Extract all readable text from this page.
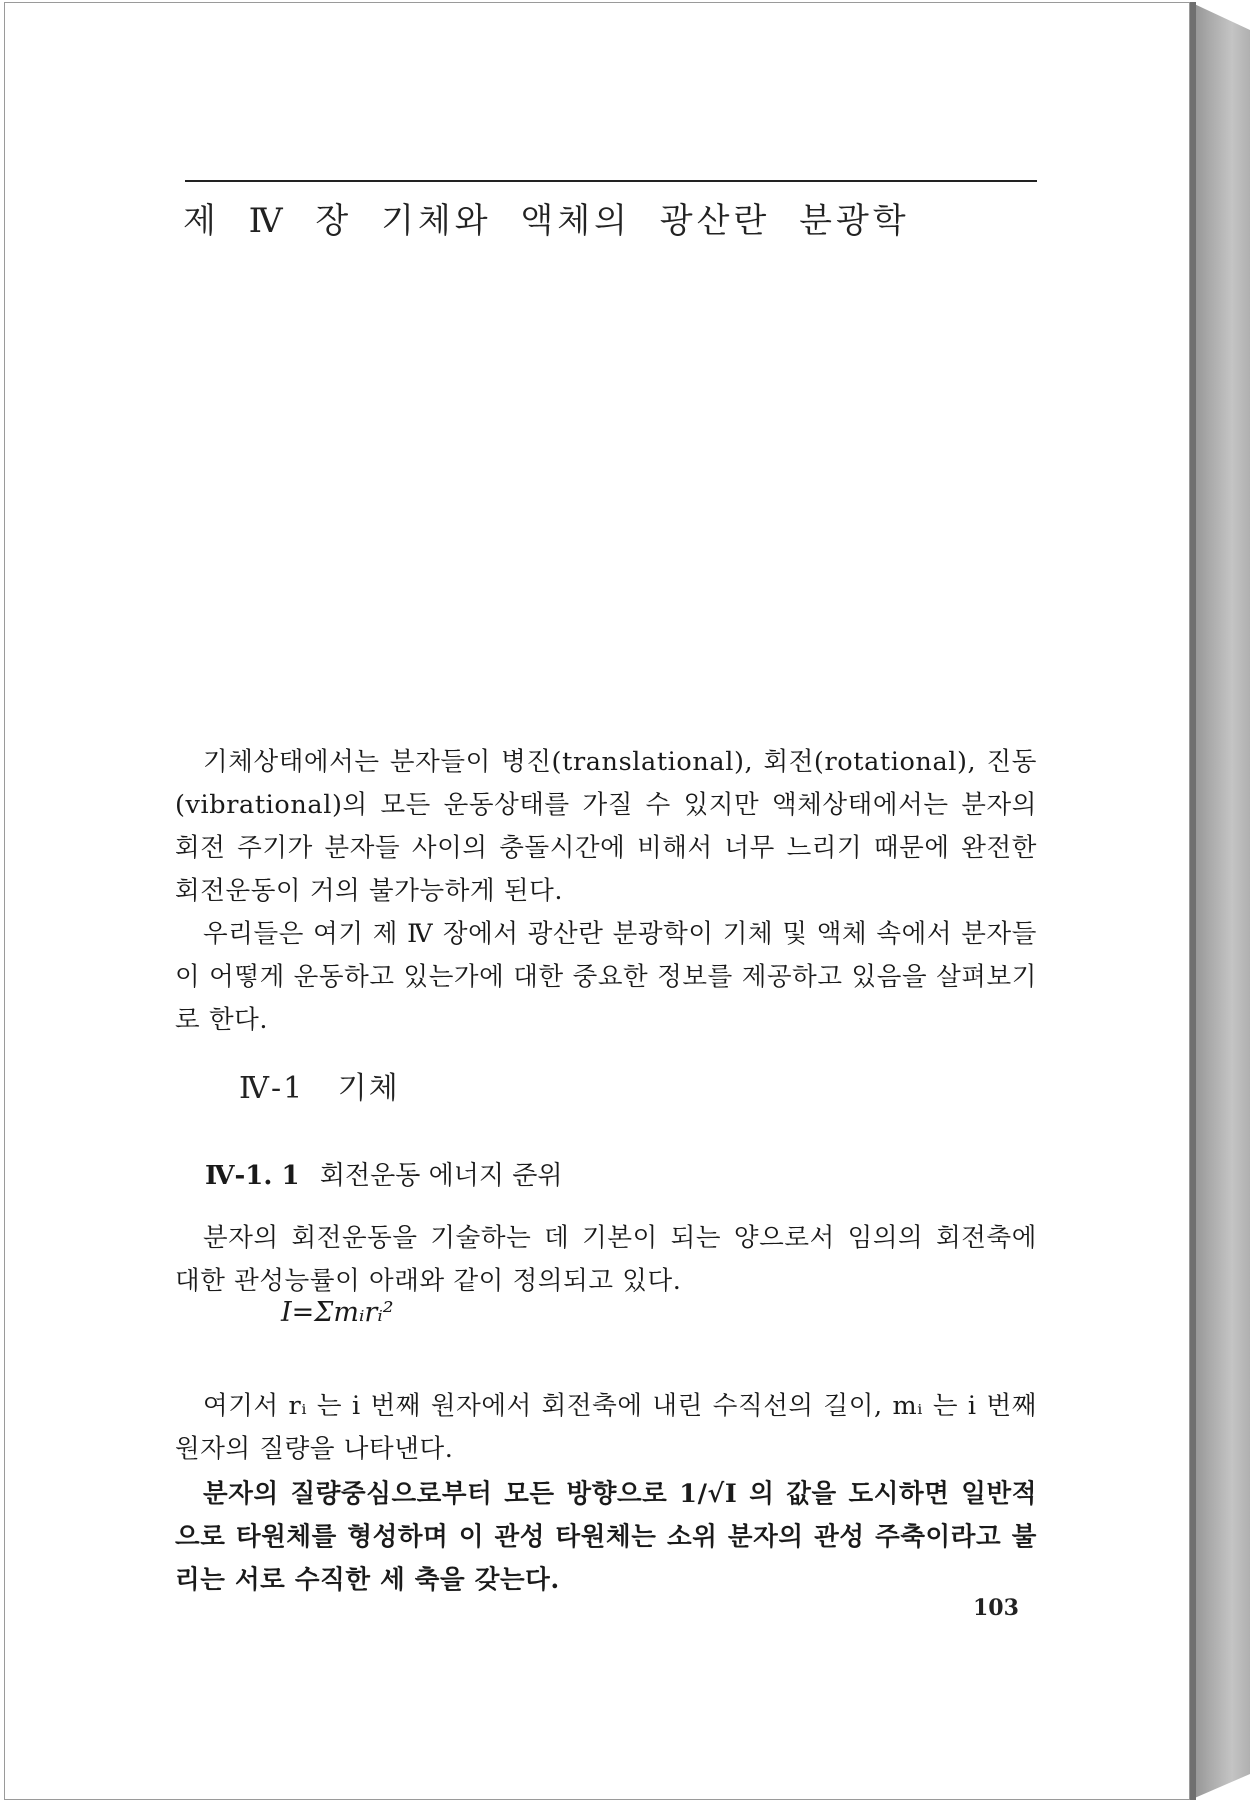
제 Ⅳ 장 기체와 액체의 광산란 분광학

기체상태에서는 분자들이 병진(translational), 회전(rotational), 진동(vibrational)의 모든 운동상태를 가질 수 있지만 액체상태에서는 분자의 회전 주기가 분자들 사이의 충돌시간에 비해서 너무 느리기 때문에 완전한 회전운동이 거의 불가능하게 된다.

우리들은 여기 제 Ⅳ 장에서 광산란 분광학이 기체 및 액체 속에서 분자들이 어떻게 운동하고 있는가에 대한 중요한 정보를 제공하고 있음을 살펴보기로 한다.

Ⅳ-1 기체
Ⅳ-1. 1 회전운동 에너지 준위

분자의 회전운동을 기술하는 데 기본이 되는 양으로서 임의의 회전축에 대한 관성능률이 아래와 같이 정의되고 있다.

I=Σmᵢrᵢ²

여기서 rᵢ 는 i 번째 원자에서 회전축에 내린 수직선의 길이, mᵢ 는 i 번째 원자의 질량을 나타낸다.

분자의 질량중심으로부터 모든 방향으로 1/√I 의 값을 도시하면 일반적으로 타원체를 형성하며 이 관성 타원체는 소위 분자의 관성 주축이라고 불리는 서로 수직한 세 축을 갖는다.

103
